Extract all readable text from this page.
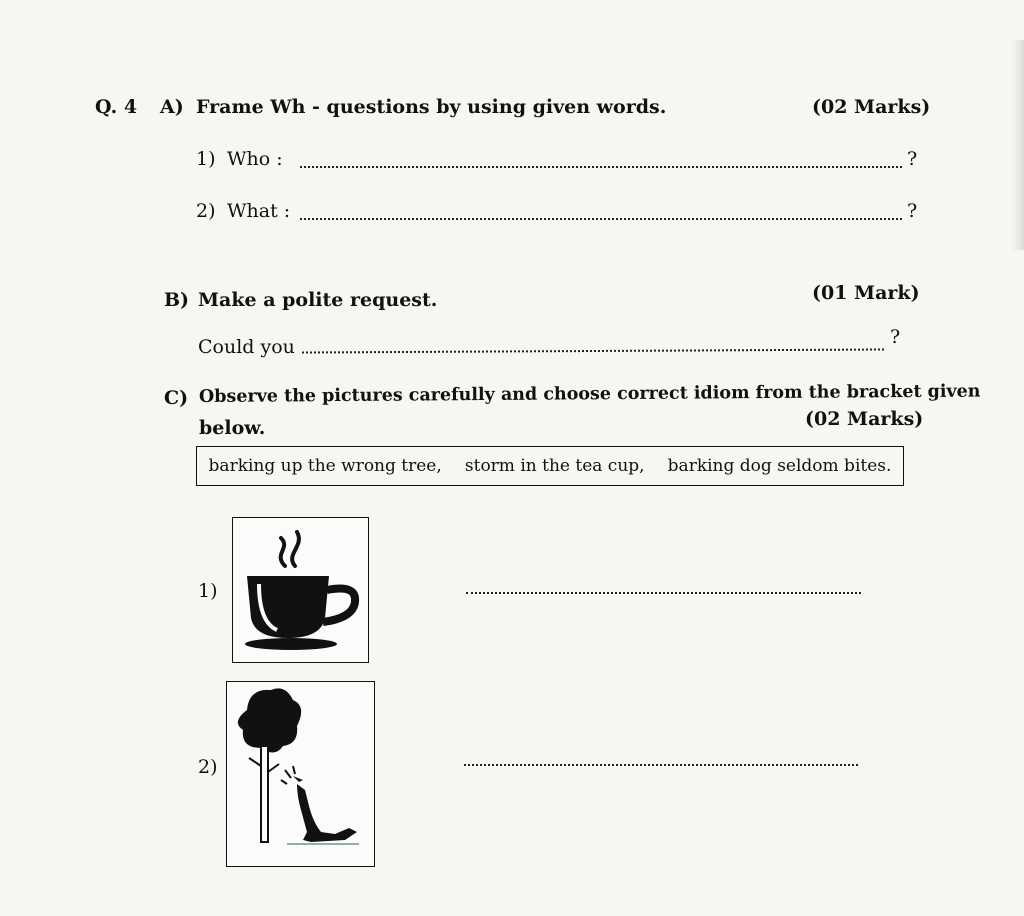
Q. 4 A) Frame Wh - questions by using given words.	(02 Marks)
1) Who :	?
2) What :	?
B) Make a polite request.	(01 Mark)
Could you	?
C) Observe the pictures carefully and choose correct idiom from the bracket given
below.	(02 Marks)
barking up the wrong tree, storm in the tea cup, barking dog seldom bites.
1)
2)
